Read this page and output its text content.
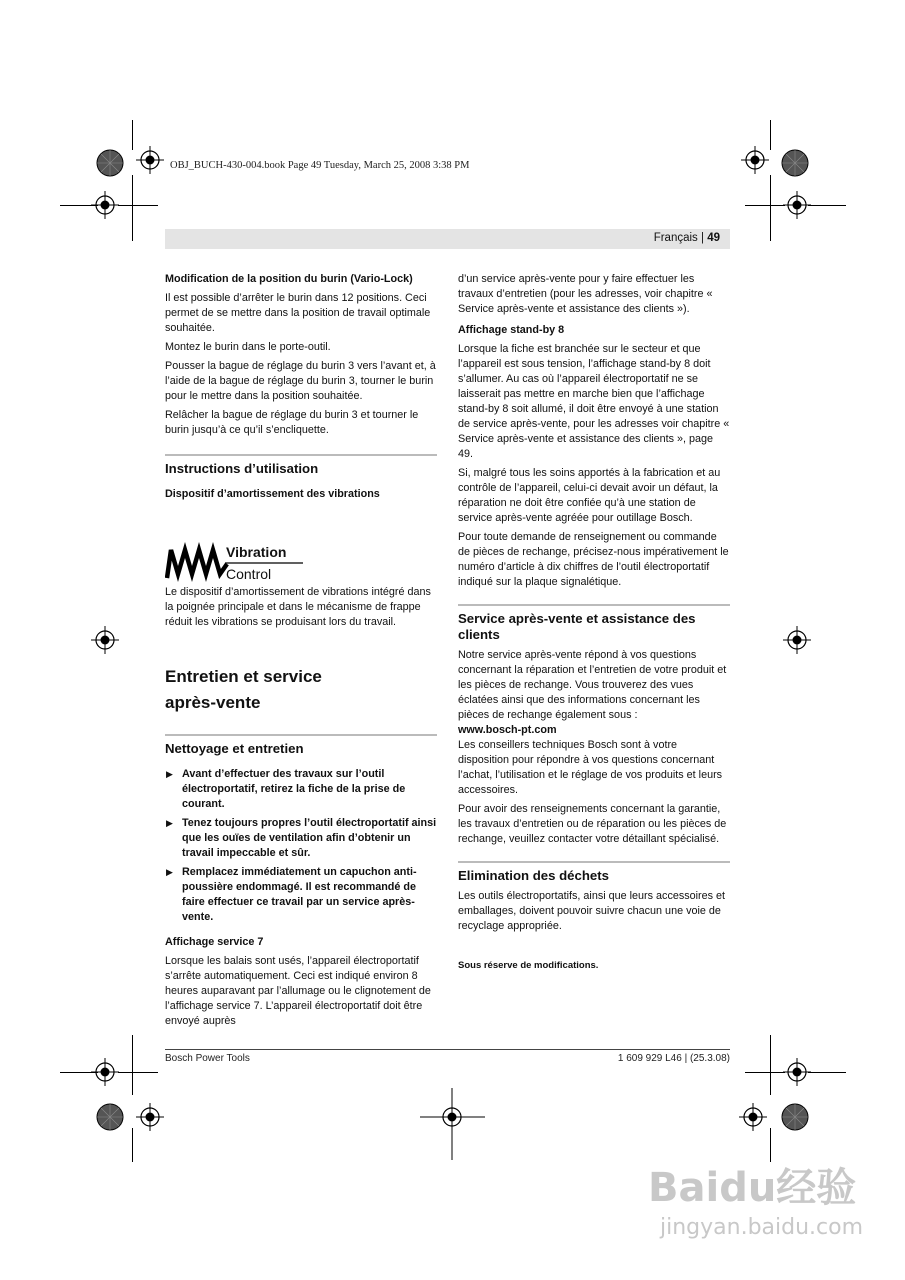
OBJ_BUCH-430-004.book Page 49 Tuesday, March 25, 2008 3:38 PM
Français | 49

Modification de la position du burin (Vario-Lock)

Il est possible d’arrêter le burin dans 12 positions. Ceci permet de se mettre dans la position de travail optimale souhaitée.

Montez le burin dans le porte-outil.

Pousser la bague de réglage du burin 3 vers l’avant et, à l’aide de la bague de réglage du burin 3, tourner le burin pour le mettre dans la position souhaitée.

Relâcher la bague de réglage du burin 3 et tourner le burin jusqu’à ce qu’il s’encliquette.

Instructions d’utilisation

Dispositif d’amortissement des vibrations

Vibration
Control

Le dispositif d’amortissement de vibrations intégré dans la poignée principale et dans le mécanisme de frappe réduit les vibrations se produisant lors du travail.

Entretien et service

après-vente

Nettoyage et entretien

▶ Avant d’effectuer des travaux sur l’outil électroportatif, retirez la fiche de la prise de courant.

▶ Tenez toujours propres l’outil électroportatif ainsi que les ouïes de ventilation afin d’obtenir un travail impeccable et sûr.

▶ Remplacez immédiatement un capuchon anti-poussière endommagé. Il est recommandé de faire effectuer ce travail par un service après-vente.

Affichage service 7

Lorsque les balais sont usés, l’appareil électroportatif s’arrête automatiquement. Ceci est indiqué environ 8 heures auparavant par l’allumage ou le clignotement de l’affichage service 7. L’appareil électroportatif doit être envoyé auprès

d’un service après-vente pour y faire effectuer les travaux d’entretien (pour les adresses, voir chapitre « Service après-vente et assistance des clients »).

Affichage stand-by 8

Lorsque la fiche est branchée sur le secteur et que l’appareil est sous tension, l’affichage stand-by 8 doit s’allumer. Au cas où l’appareil électroportatif ne se laisserait pas mettre en marche bien que l’affichage stand-by 8 soit allumé, il doit être envoyé à une station de service après-vente, pour les adresses voir chapitre « Service après-vente et assistance des clients », page 49.

Si, malgré tous les soins apportés à la fabrication et au contrôle de l’appareil, celui-ci devait avoir un défaut, la réparation ne doit être confiée qu’à une station de service après-vente agréée pour outillage Bosch.

Pour toute demande de renseignement ou commande de pièces de rechange, précisez-nous impérativement le numéro d’article à dix chiffres de l’outil électroportatif indiqué sur la plaque signalétique.

Service après-vente et assistance des clients

Notre service après-vente répond à vos questions concernant la réparation et l’entretien de votre produit et les pièces de rechange. Vous trouverez des vues éclatées ainsi que des informations concernant les pièces de rechange également sous :

www.bosch-pt.com

Les conseillers techniques Bosch sont à votre disposition pour répondre à vos questions concernant l’achat, l’utilisation et le réglage de vos produits et leurs accessoires.

Pour avoir des renseignements concernant la garantie, les travaux d’entretien ou de réparation ou les pièces de rechange, veuillez contacter votre détaillant spécialisé.

Elimination des déchets

Les outils électroportatifs, ainsi que leurs accessoires et emballages, doivent pouvoir suivre chacun une voie de recyclage appropriée.

Sous réserve de modifications.

Bosch Power Tools	1 609 929 L46 | (25.3.08)
Baidu经验
jingyan.baidu.com
